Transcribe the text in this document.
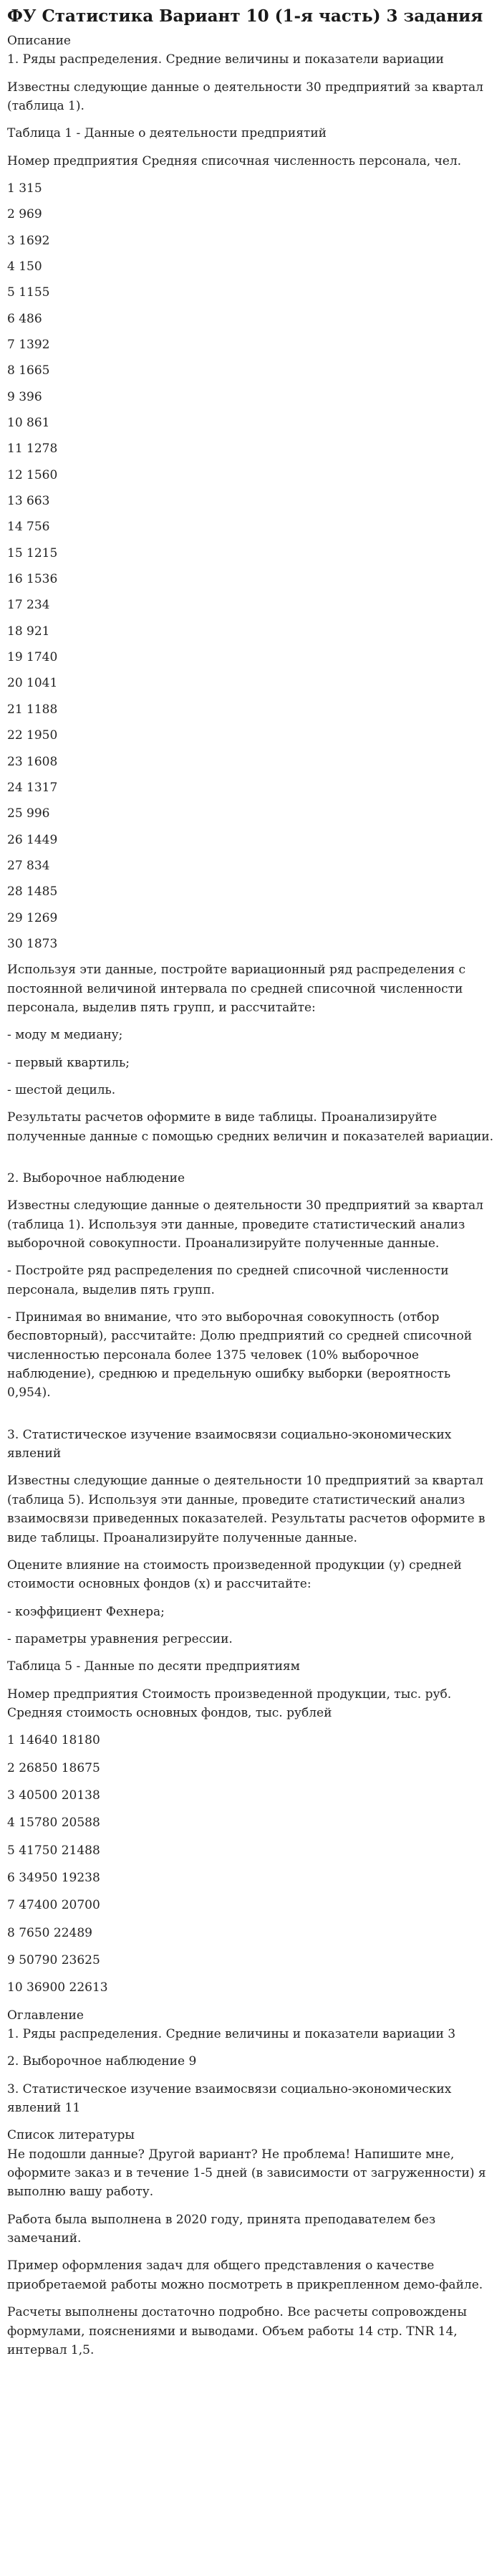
ФУ Статистика Вариант 10 (1-я часть) 3 задания
Описание

1. Ряды распределения. Средние величины и показатели вариации

Известны следующие данные о деятельности 30 предприятий за квартал (таблица 1).

Таблица 1 - Данные о деятельности предприятий

Номер предприятия Средняя списочная численность персонала, чел.

1 315

2 969

3 1692

4 150

5 1155

6 486

7 1392

8 1665

9 396

10 861

11 1278

12 1560

13 663

14 756

15 1215

16 1536

17 234

18 921

19 1740

20 1041

21 1188

22 1950

23 1608

24 1317

25 996

26 1449

27 834

28 1485

29 1269

30 1873

Используя эти данные, постройте вариационный ряд распределения с постоянной величиной интервала по средней списочной численности персонала, выделив пять групп, и рассчитайте:

- моду м медиану;

- первый квартиль;

- шестой дециль.

Результаты расчетов оформите в виде таблицы. Проанализируйте полученные данные с помощью средних величин и показателей вариации.

2. Выборочное наблюдение

Известны следующие данные о деятельности 30 предприятий за квартал (таблица 1). Используя эти данные, проведите статистический анализ выборочной совокупности. Проанализируйте полученные данные.

- Постройте ряд распределения по средней списочной численности персонала, выделив пять групп.

- Принимая во внимание, что это выборочная совокупность (отбор бесповторный), рассчитайте: Долю предприятий со средней списочной численностью персонала более 1375 человек (10% выборочное наблюдение), среднюю и предельную ошибку выборки (вероятность 0,954).

3. Статистическое изучение взаимосвязи социально-экономических явлений

Известны следующие данные о деятельности 10 предприятий за квартал (таблица 5). Используя эти данные, проведите статистический анализ взаимосвязи приведенных показателей. Результаты расчетов оформите в виде таблицы. Проанализируйте полученные данные.

Оцените влияние на стоимость произведенной продукции (y) средней стоимости основных фондов (x) и рассчитайте:

- коэффициент Фехнера;

- параметры уравнения регрессии.

Таблица 5 - Данные по десяти предприятиям

Номер предприятия Стоимость произведенной продукции, тыс. руб. Средняя стоимость основных фондов, тыс. рублей

1 14640 18180

2 26850 18675

3 40500 20138

4 15780 20588

5 41750 21488

6 34950 19238

7 47400 20700

8 7650 22489

9 50790 23625

10 36900 22613

Оглавление

1. Ряды распределения. Средние величины и показатели вариации 3

2. Выборочное наблюдение 9

3. Статистическое изучение взаимосвязи социально-экономических явлений 11

Список литературы

Не подошли данные? Другой вариант? Не проблема! Напишите мне, оформите заказ и в течение 1-5 дней (в зависимости от загруженности) я выполню вашу работу.

Работа была выполнена в 2020 году, принята преподавателем без замечаний.

Пример оформления задач для общего представления о качестве приобретаемой работы можно посмотреть в прикрепленном демо-файле.

Расчеты выполнены достаточно подробно. Все расчеты сопровождены формулами, пояснениями и выводами. Объем работы 14 стр. TNR 14, интервал 1,5.
